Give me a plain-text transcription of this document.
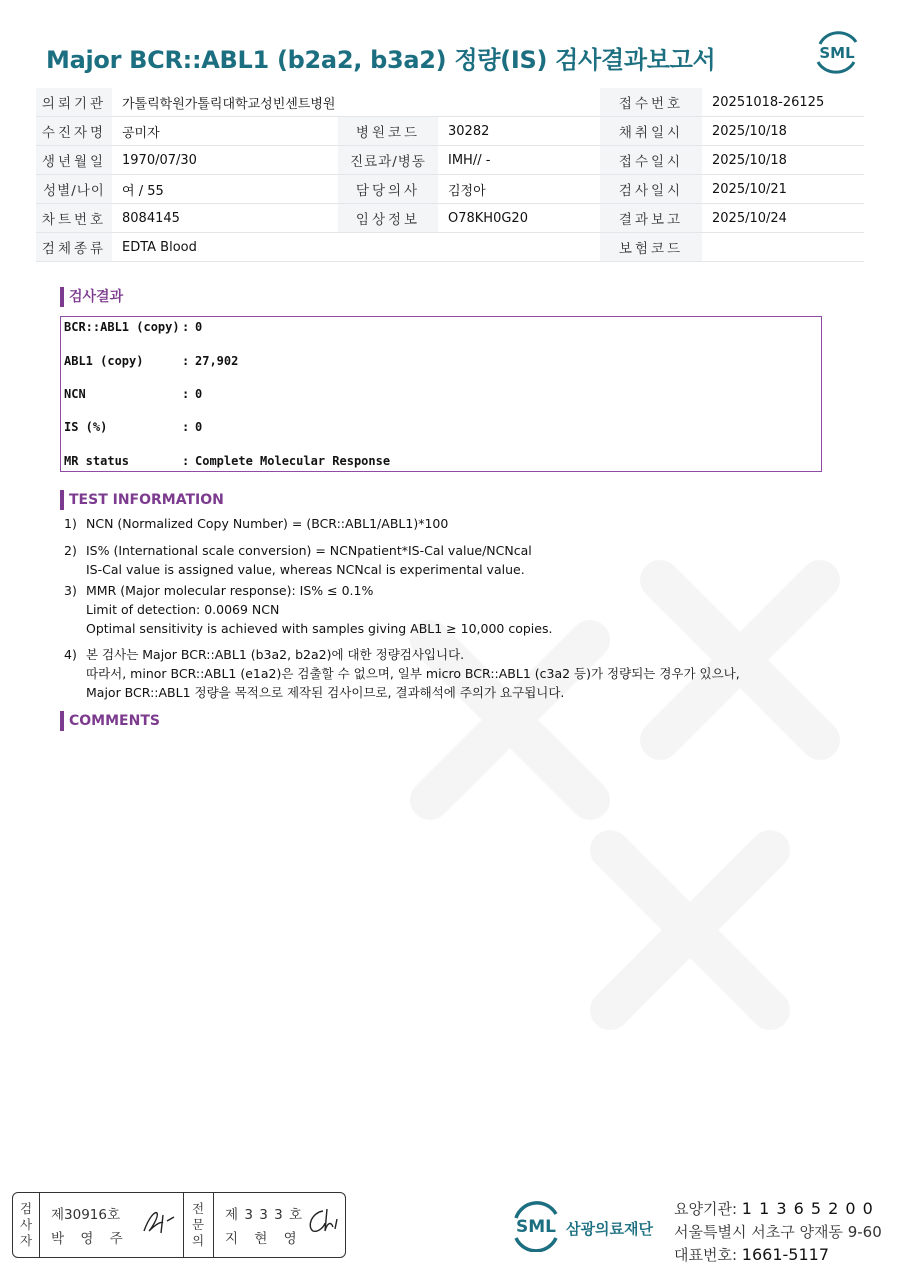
Major BCR::ABL1 (b2a2, b3a2) 정량(IS) 검사결과보고서	SML
의뢰기관	가톨릭학원가톨릭대학교성빈센트병원			접수번호	20251018-26125
수진자명	공미자	병원코드	30282	채취일시	2025/10/18
생년월일	1970/07/30	진료과/병동	IMH// -	접수일시	2025/10/18
성별/나이	여 / 55	담당의사	김정아	검사일시	2025/10/21
차트번호	8084145	임상정보	O78KH0G20	결과보고	2025/10/24
검체종류	EDTA Blood			보험코드	
검사결과
BCR::ABL1 (copy) : 0
ABL1 (copy)	: 27,902
NCN	: 0
IS (%)	: 0
MR status	: Complete Molecular Response
TEST INFORMATION
1) NCN (Normalized Copy Number) = (BCR::ABL1/ABL1)*100
2) IS% (International scale conversion) = NCNpatient*IS-Cal value/NCNcal
IS-Cal value is assigned value, whereas NCNcal is experimental value.
3) MMR (Major molecular response): IS% ≤ 0.1%
Limit of detection: 0.0069 NCN
Optimal sensitivity is achieved with samples giving ABL1 ≥ 10,000 copies.
4) 본 검사는 Major BCR::ABL1 (b3a2, b2a2)에 대한 정량검사입니다.
따라서, minor BCR::ABL1 (e1a2)은 검출할 수 없으며, 일부 micro BCR::ABL1 (c3a2 등)가 정량되는 경우가 있으나,
Major BCR::ABL1 정량을 목적으로 제작된 검사이므로, 결과해석에 주의가 요구됩니다.
COMMENTS
검
사
자
제30916호
박 영 주
전
문
의
제 3 3 3 호
지 현 영
SML 삼광의료재단
요양기관: 1 1 3 6 5 2 0 0
서울특별시 서초구 양재동 9-60
대표번호: 1661-5117
